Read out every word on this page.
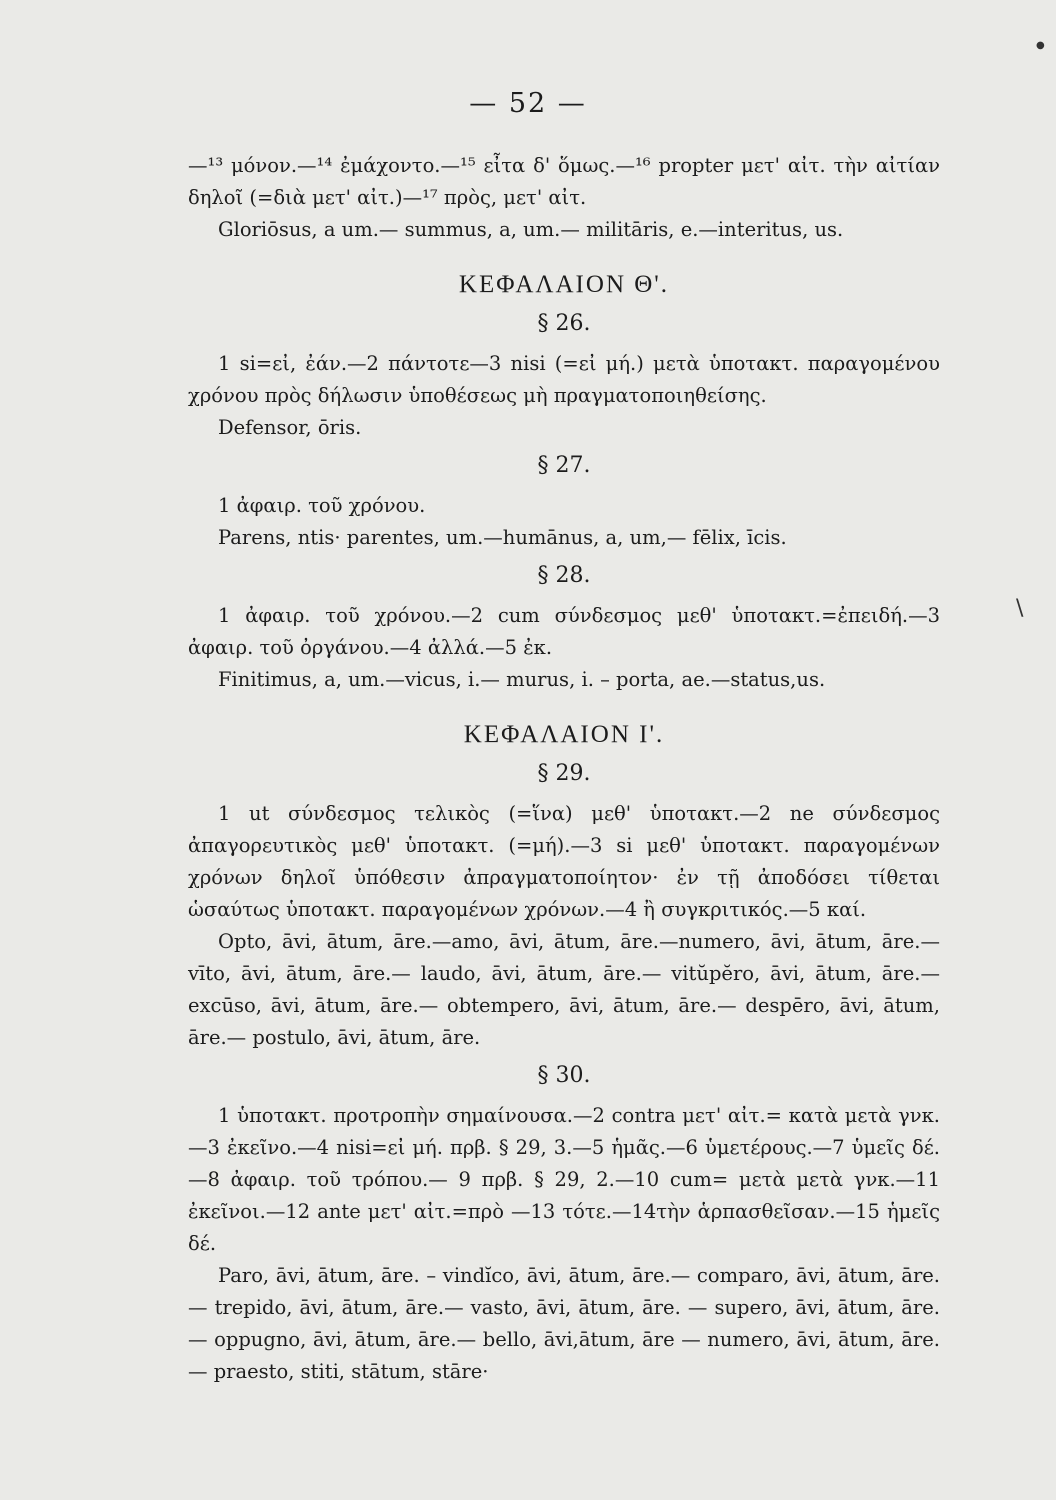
— 52 —

—¹³ μόνον.—¹⁴ ἐμάχοντο.—¹⁵ εἶτα δ' ὅμως.—¹⁶ propter μετ' αἰτ. τὴν αἰτίαν δηλοῖ (=διὰ μετ' αἰτ.)—¹⁷ πρὸς, μετ' αἰτ.

Gloriōsus, a um.— summus, a, um.— militāris, e.—interitus, us.

ΚΕΦΑΛΑΙΟΝ Θ'.
§ 26.

1 si=εἰ, ἐάν.—2 πάντοτε—3 nisi (=εἰ μή.) μετὰ ὑποτακτ. παραγομένου χρόνου πρὸς δήλωσιν ὑποθέσεως μὴ πραγματοποιηθείσης.

Defensor, ōris.

§ 27.

1 ἀφαιρ. τοῦ χρόνου.

Parens, ntis· parentes, um.—humānus, a, um,— fēlix, īcis.

§ 28.

1 ἀφαιρ. τοῦ χρόνου.—2 cum σύνδεσμος μεθ' ὑποτακτ.=ἐπειδή.—3 ἀφαιρ. τοῦ ὀργάνου.—4 ἀλλά.—5 ἐκ.

Finitimus, a, um.—vicus, i.— murus, i. – porta, ae.—status,us.

ΚΕΦΑΛΑΙΟΝ Ι'.
§ 29.

1 ut σύνδεσμος τελικὸς (=ἵνα) μεθ' ὑποτακτ.—2 ne σύνδεσμος ἀπαγορευτικὸς μεθ' ὑποτακτ. (=μή).—3 si μεθ' ὑποτακτ. παραγομένων χρόνων δηλοῖ ὑπόθεσιν ἀπραγματοποίητον· ἐν τῇ ἀποδόσει τίθεται ὡσαύτως ὑποτακτ. παραγομένων χρόνων.—4 ἢ συγκριτικός.—5 καί.

Opto, āvi, ātum, āre.—amo, āvi, ātum, āre.—numero, āvi, ātum, āre.—vīto, āvi, ātum, āre.— laudo, āvi, ātum, āre.— vitŭpĕro, āvi, ātum, āre.—excūso, āvi, ātum, āre.— obtempero, āvi, ātum, āre.— despēro, āvi, ātum, āre.— postulo, āvi, ātum, āre.

§ 30.

1 ὑποτακτ. προτροπὴν σημαίνουσα.—2 contra μετ' αἰτ.= κατὰ μετὰ γνκ.—3 ἐκεῖνο.—4 nisi=εἰ μή. πρβ. § 29, 3.—5 ἡμᾶς.—6 ὑμετέρους.—7 ὑμεῖς δέ.—8 ἀφαιρ. τοῦ τρόπου.— 9 πρβ. § 29, 2.—10 cum= μετὰ μετὰ γνκ.—11 ἐκεῖνοι.—12 ante μετ' αἰτ.=πρὸ —13 τότε.—14τὴν ἁρπασθεῖσαν.—15 ἡμεῖς δέ.

Paro, āvi, ātum, āre. – vindĭco, āvi, ātum, āre.— comparo, āvi, ātum, āre.— trepido, āvi, ātum, āre.— vasto, āvi, ātum, āre. — supero, āvi, ātum, āre.— oppugno, āvi, ātum, āre.— bello, āvi,ātum, āre — numero, āvi, ātum, āre.— praesto, stiti, stātum, stāre·

●
\
